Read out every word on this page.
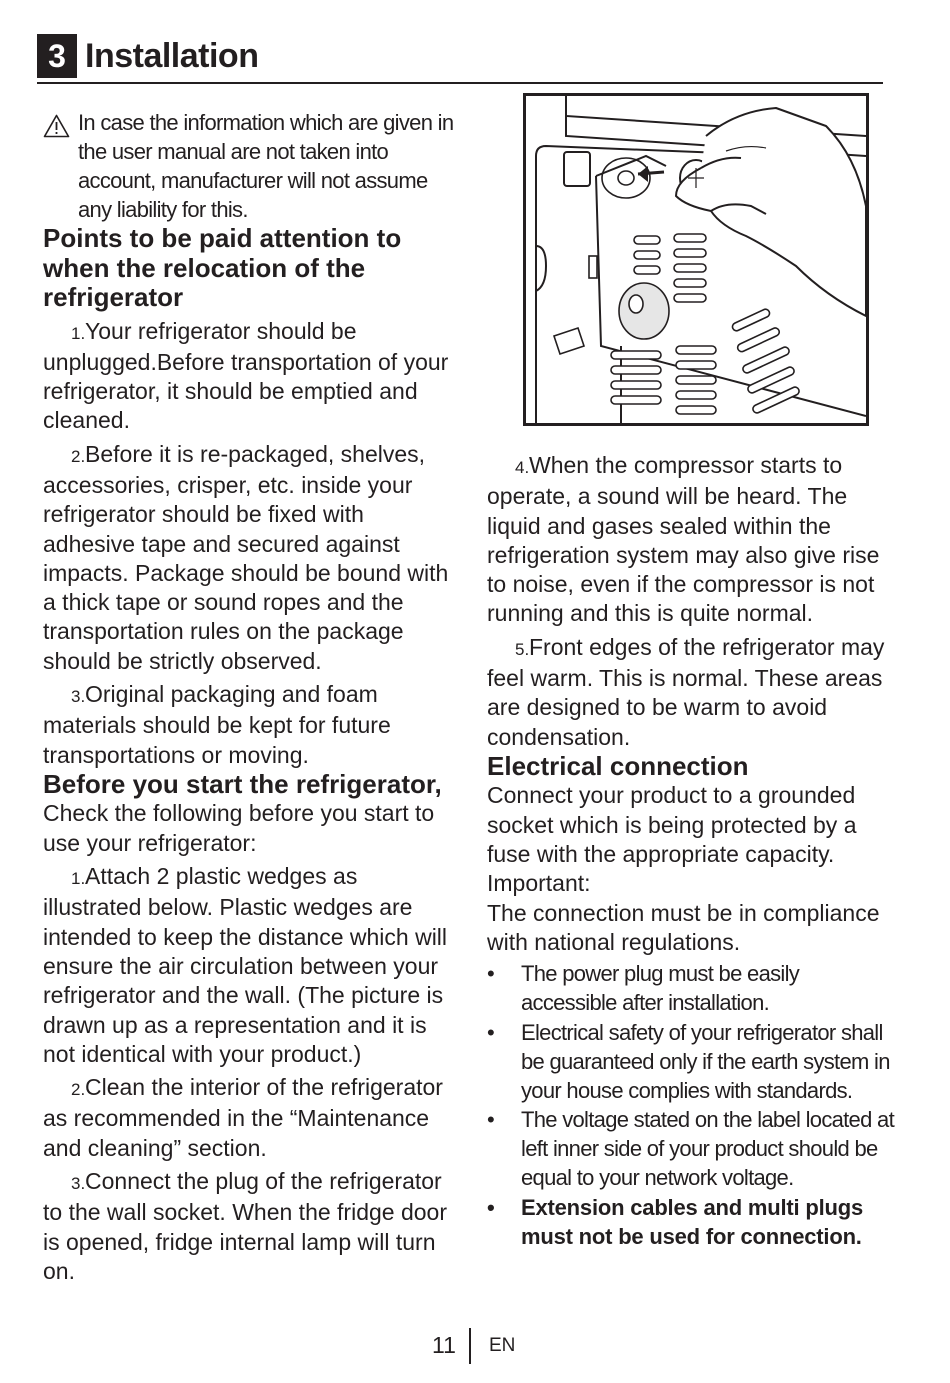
3 Installation
In case the information which are given in the user manual are not taken into account, manufacturer will not assume any liability for this.
Points to be paid attention to when the relocation of the refrigerator

1.Your refrigerator should be unplugged.Before transportation of your refrigerator, it should be emptied and cleaned.

2.Before it is re-packaged, shelves, accessories, crisper, etc. inside your refrigerator should be fixed with adhesive tape and secured against impacts. Package should be bound with a thick tape or sound ropes and the transportation rules on the package should be strictly observed.

3.Original packaging and foam materials should be kept for future transportations or moving.

Before you start the refrigerator,

Check the following before you start to use your refrigerator:

1.Attach 2 plastic wedges as illustrated below. Plastic wedges are intended to keep the distance which will ensure the air circulation between your refrigerator and the wall. (The picture is drawn up as a representation and it is not identical with your product.)

2.Clean the interior of the refrigerator as recommended in the “Maintenance and cleaning” section.

3.Connect the plug of the refrigerator to the wall socket. When the fridge door is opened, fridge internal lamp will turn on.

4.When the compressor starts to operate, a sound will be heard. The liquid and gases sealed within the refrigeration system may also give rise to noise, even if the compressor is not running and this is quite normal.

5.Front edges of the refrigerator may feel warm. This is normal. These areas are designed to be warm to avoid condensation.

Electrical connection

Connect your product to a grounded socket which is being protected by a fuse with the appropriate capacity.

Important:

The connection must be in compliance with national regulations.

• The power plug must be easily accessible after installation.
• Electrical safety of your refrigerator shall be guaranteed only if the earth system in your house complies with standards.
• The voltage stated on the label located at left inner side of your product should be equal to your network voltage.
• Extension cables and multi plugs must not be used for connection.
11 EN
